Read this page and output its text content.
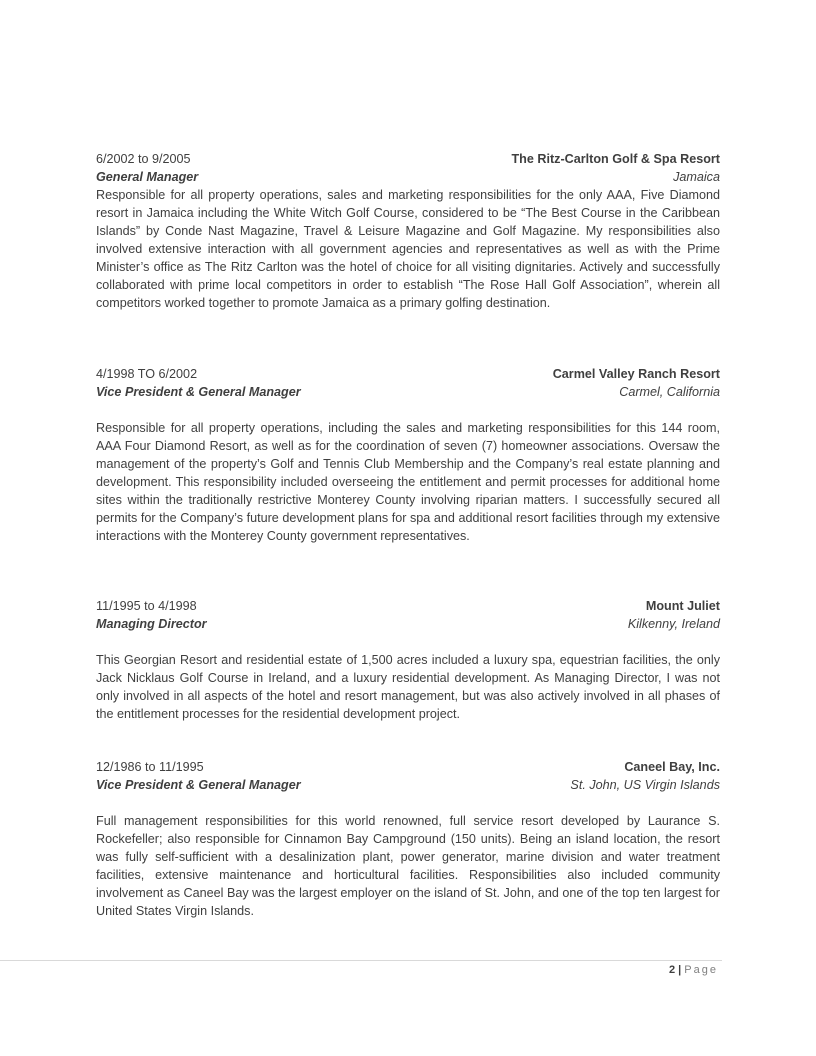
6/2002 to 9/2005	The Ritz-Carlton Golf & Spa Resort
General Manager	Jamaica

Responsible for all property operations, sales and marketing responsibilities for the only AAA, Five Diamond resort in Jamaica including the White Witch Golf Course, considered to be “The Best Course in the Caribbean Islands” by Conde Nast Magazine, Travel & Leisure Magazine and Golf Magazine. My responsibilities also involved extensive interaction with all government agencies and representatives as well as with the Prime Minister’s office as The Ritz Carlton was the hotel of choice for all visiting dignitaries. Actively and successfully collaborated with prime local competitors in order to establish “The Rose Hall Golf Association”, wherein all competitors worked together to promote Jamaica as a primary golfing destination.

4/1998 TO 6/2002	Carmel Valley Ranch Resort
Vice President & General Manager	Carmel, California

Responsible for all property operations, including the sales and marketing responsibilities for this 144 room, AAA Four Diamond Resort, as well as for the coordination of seven (7) homeowner associations. Oversaw the management of the property’s Golf and Tennis Club Membership and the Company’s real estate planning and development. This responsibility included overseeing the entitlement and permit processes for additional home sites within the traditionally restrictive Monterey County involving riparian matters. I successfully secured all permits for the Company’s future development plans for spa and additional resort facilities through my extensive interactions with the Monterey County government representatives.

11/1995 to 4/1998	Mount Juliet
Managing Director	Kilkenny, Ireland

This Georgian Resort and residential estate of 1,500 acres included a luxury spa, equestrian facilities, the only Jack Nicklaus Golf Course in Ireland, and a luxury residential development. As Managing Director, I was not only involved in all aspects of the hotel and resort management, but was also actively involved in all phases of the entitlement processes for the residential development project.

12/1986 to 11/1995	Caneel Bay, Inc.
Vice President & General Manager	St. John, US Virgin Islands

Full management responsibilities for this world renowned, full service resort developed by Laurance S. Rockefeller; also responsible for Cinnamon Bay Campground (150 units). Being an island location, the resort was fully self-sufficient with a desalinization plant, power generator, marine division and water treatment facilities, extensive maintenance and horticultural facilities. Responsibilities also included community involvement as Caneel Bay was the largest employer on the island of St. John, and one of the top ten largest for United States Virgin Islands.

2 | Page
